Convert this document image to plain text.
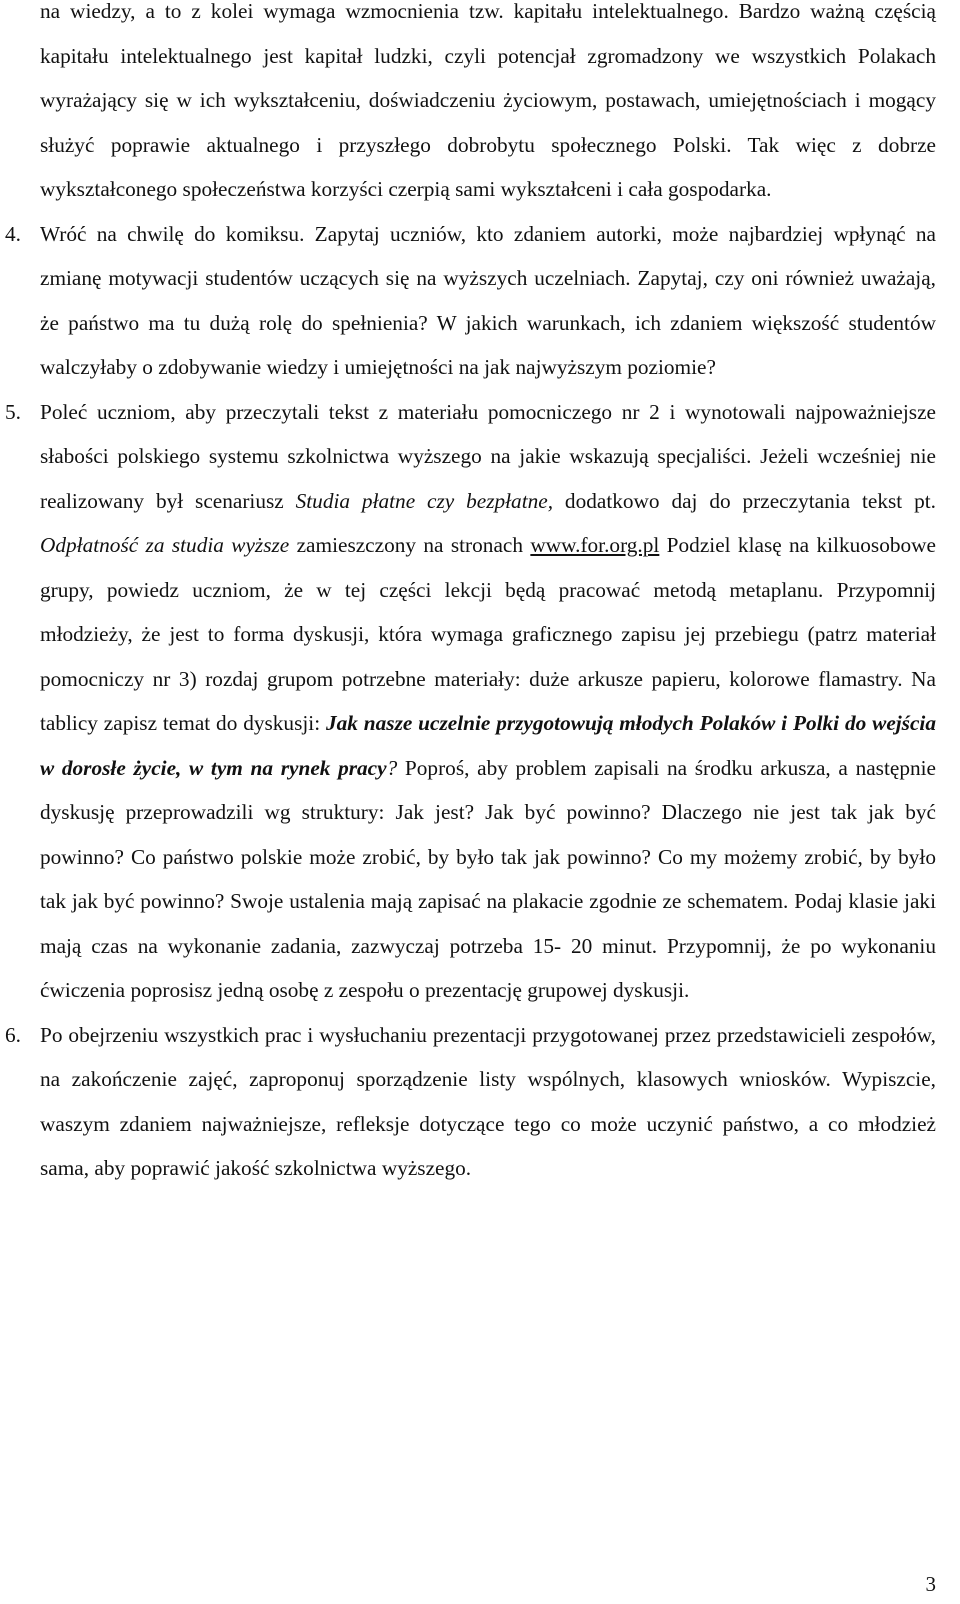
na wiedzy, a to z kolei wymaga wzmocnienia tzw. kapitału intelektualnego. Bardzo ważną częścią kapitału intelektualnego jest kapitał ludzki, czyli potencjał zgromadzony we wszystkich Polakach wyrażający się w ich wykształceniu, doświadczeniu życiowym, postawach, umiejętnościach i mogący służyć poprawie aktualnego i przyszłego dobrobytu społecznego Polski. Tak więc z dobrze wykształconego społeczeństwa korzyści czerpią sami wykształceni i cała gospodarka.

4. Wróć na chwilę do komiksu. Zapytaj uczniów, kto zdaniem autorki, może najbardziej wpłynąć na zmianę motywacji studentów uczących się na wyższych uczelniach. Zapytaj, czy oni również uważają, że państwo ma tu dużą rolę do spełnienia? W jakich warunkach, ich zdaniem większość studentów walczyłaby o zdobywanie wiedzy i umiejętności na jak najwyższym poziomie?
5. Poleć uczniom, aby przeczytali tekst z materiału pomocniczego nr 2 i wynotowali najpoważniejsze słabości polskiego systemu szkolnictwa wyższego na jakie wskazują specjaliści. Jeżeli wcześniej nie realizowany był scenariusz Studia płatne czy bezpłatne, dodatkowo daj do przeczytania tekst pt. Odpłatność za studia wyższe zamieszczony na stronach www.for.org.pl Podziel klasę na kilkuosobowe grupy, powiedz uczniom, że w tej części lekcji będą pracować metodą metaplanu. Przypomnij młodzieży, że jest to forma dyskusji, która wymaga graficznego zapisu jej przebiegu (patrz materiał pomocniczy nr 3) rozdaj grupom potrzebne materiały: duże arkusze papieru, kolorowe flamastry. Na tablicy zapisz temat do dyskusji: Jak nasze uczelnie przygotowują młodych Polaków i Polki do wejścia w dorosłe życie, w tym na rynek pracy? Poproś, aby problem zapisali na środku arkusza, a następnie dyskusję przeprowadzili wg struktury: Jak jest? Jak być powinno? Dlaczego nie jest tak jak być powinno? Co państwo polskie może zrobić, by było tak jak powinno? Co my możemy zrobić, by było tak jak być powinno? Swoje ustalenia mają zapisać na plakacie zgodnie ze schematem. Podaj klasie jaki mają czas na wykonanie zadania, zazwyczaj potrzeba 15- 20 minut. Przypomnij, że po wykonaniu ćwiczenia poprosisz jedną osobę z zespołu o prezentację grupowej dyskusji.
6. Po obejrzeniu wszystkich prac i wysłuchaniu prezentacji przygotowanej przez przedstawicieli zespołów, na zakończenie zajęć, zaproponuj sporządzenie listy wspólnych, klasowych wniosków. Wypiszcie, waszym zdaniem najważniejsze, refleksje dotyczące tego co może uczynić państwo, a co młodzież sama, aby poprawić jakość szkolnictwa wyższego.
3
